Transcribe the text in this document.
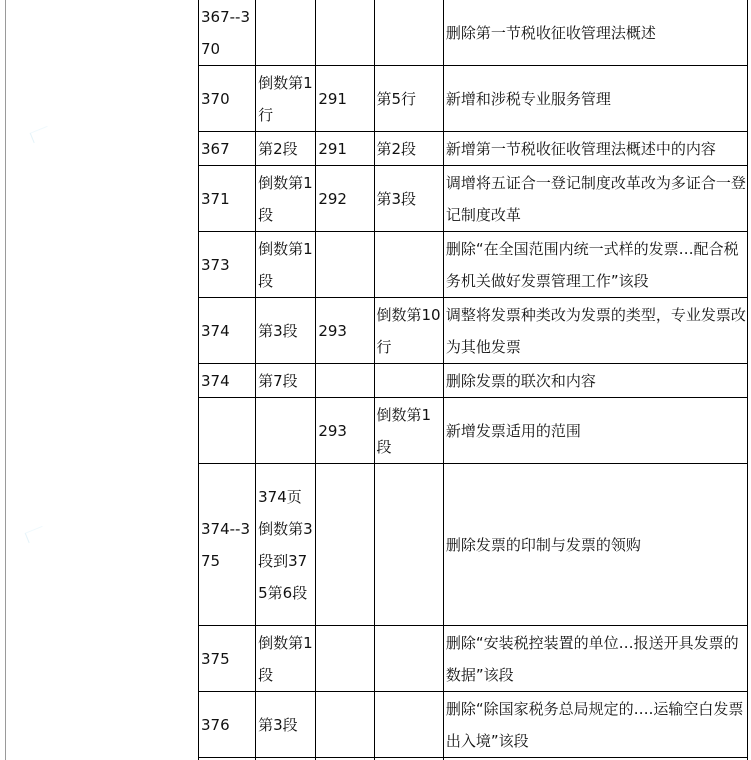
367--370				删除第一节税收征收管理法概述
370	倒数第1行	291	第5行	新增和涉税专业服务管理
367	第2段	291	第2段	新增第一节税收征收管理法概述中的内容
371	倒数第1段	292	第3段	调增将五证合一登记制度改革改为多证合一登记制度改革
373	倒数第1段			删除“在全国范围内统一式样的发票…配合税务机关做好发票管理工作”该段
374	第3段	293	倒数第10行	调整将发票种类改为发票的类型，专业发票改为其他发票
374	第7段			删除发票的联次和内容
		293	倒数第1段	新增发票适用的范围
374--375	374页倒数第3段到375第6段			删除发票的印制与发票的领购
375	倒数第1段			删除“安装税控装置的单位…报送开具发票的数据”该段
376	第3段			删除“除国家税务总局规定的….运输空白发票出入境”该段
